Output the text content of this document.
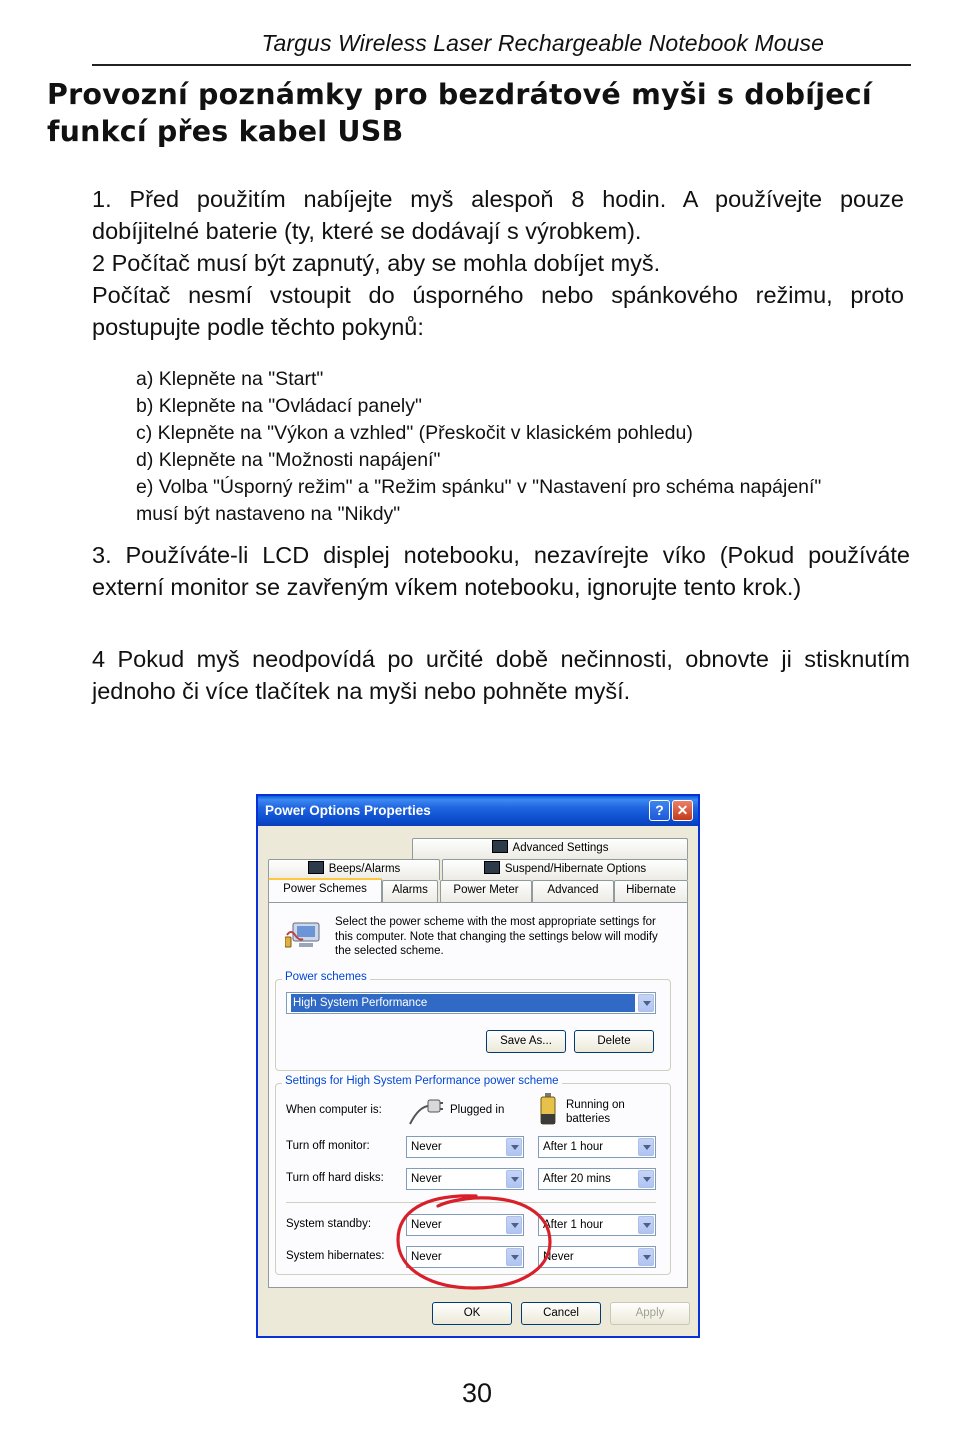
Targus Wireless Laser Rechargeable Notebook Mouse
Provozní poznámky pro bezdrátové myši s dobíjecí funkcí přes kabel USB
1. Před použitím nabíjejte myš alespoň 8 hodin. A používejte pouze dobíjitelné baterie (ty, které se dodávají s výrobkem).
2 Počítač musí být zapnutý, aby se mohla dobíjet myš.
Počítač nesmí vstoupit do úsporného nebo spánkového režimu, proto postupujte podle těchto pokynů:
a) Klepněte na "Start"
b) Klepněte na "Ovládací panely"
c) Klepněte na "Výkon a vzhled" (Přeskočit v klasickém pohledu)
d) Klepněte na "Možnosti napájení"
e) Volba "Úsporný režim" a "Režim spánku" v "Nastavení pro schéma napájení" musí být nastaveno na "Nikdy"

3. Používáte-li LCD displej notebooku, nezavírejte víko (Pokud používáte externí monitor se zavřeným víkem notebooku, ignorujte tento krok.)

4 Pokud myš neodpovídá po určité době nečinnosti, obnovte ji stisknutím jednoho či více tlačítek na myši nebo pohněte myší.

Power Options Properties	? ✕
Advanced Settings
Beeps/Alarms	Suspend/Hibernate Options
Power Schemes	Alarms	Power Meter	Advanced	Hibernate
Select the power scheme with the most appropriate settings for this computer. Note that changing the settings below will modify the selected scheme.
Power schemes
High System Performance
Save As...	Delete
Settings for High System Performance power scheme
When computer is:	Plugged in	Running on batteries
Turn off monitor:	Never	After 1 hour
Turn off hard disks:	Never	After 20 mins
System standby:	Never	After 1 hour
System hibernates:	Never	Never
OK	Cancel	Apply
30
